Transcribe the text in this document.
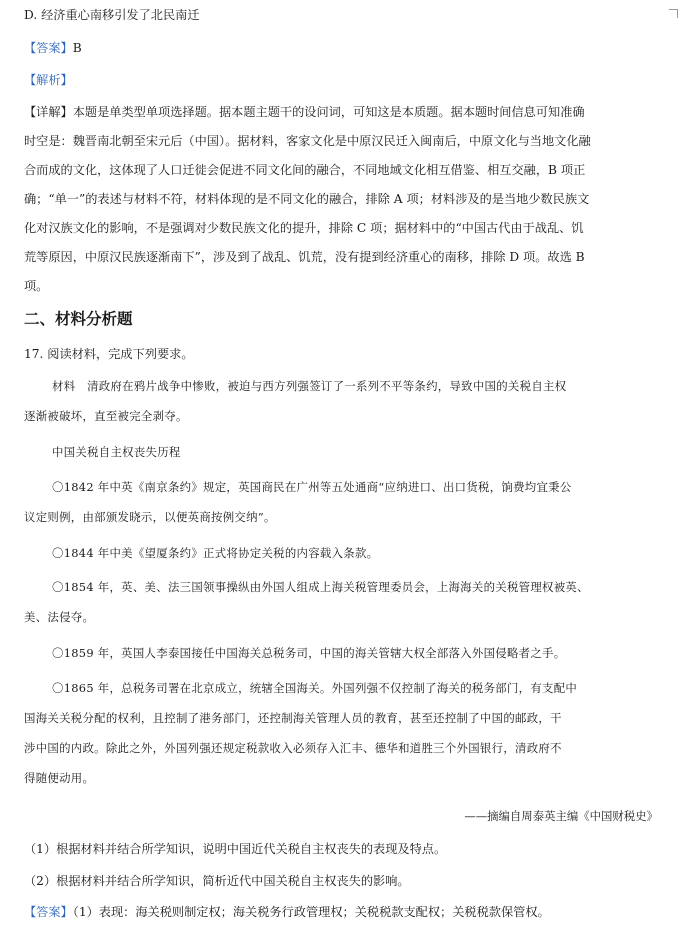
D. 经济重心南移引发了北民南迁
【答案】B
【解析】
【详解】本题是单类型单项选择题。据本题主题干的设问词，可知这是本质题。据本题时间信息可知准确
时空是：魏晋南北朝至宋元后（中国）。据材料，客家文化是中原汉民迁入闽南后，中原文化与当地文化融
合而成的文化，这体现了人口迁徙会促进不同文化间的融合，不同地域文化相互借鉴、相互交融，B 项正
确；“单一”的表述与材料不符，材料体现的是不同文化的融合，排除 A 项；材料涉及的是当地少数民族文
化对汉族文化的影响，不是强调对少数民族文化的提升，排除 C 项；据材料中的“中国古代由于战乱、饥
荒等原因，中原汉民族逐渐南下”，涉及到了战乱、饥荒，没有提到经济重心的南移，排除 D 项。故选 B
项。
二、材料分析题
17. 阅读材料，完成下列要求。
材料　清政府在鸦片战争中惨败，被迫与西方列强签订了一系列不平等条约，导致中国的关税自主权
逐渐被破坏，直至被完全剥夺。
中国关税自主权丧失历程
〇1842 年中英《南京条约》规定，英国商民在广州等五处通商“应纳进口、出口货税，饷费均宜秉公
议定则例，由部颁发晓示，以便英商按例交纳”。
〇1844 年中美《望厦条约》正式将协定关税的内容载入条款。
〇1854 年，英、美、法三国领事操纵由外国人组成上海关税管理委员会，上海海关的关税管理权被英、
美、法侵夺。
〇1859 年，英国人李泰国接任中国海关总税务司，中国的海关管辖大权全部落入外国侵略者之手。
〇1865 年，总税务司署在北京成立，统辖全国海关。外国列强不仅控制了海关的税务部门，有支配中
国海关关税分配的权利，且控制了港务部门，还控制海关管理人员的教育，甚至还控制了中国的邮政，干
涉中国的内政。除此之外，外国列强还规定税款收入必须存入汇丰、德华和道胜三个外国银行，清政府不
得随便动用。
——摘编自周泰英主编《中国财税史》
（1）根据材料并结合所学知识，说明中国近代关税自主权丧失的表现及特点。
（2）根据材料并结合所学知识，简析近代中国关税自主权丧失的影响。
【答案】（1）表现：海关税则制定权；海关税务行政管理权；关税税款支配权；关税税款保管权。
